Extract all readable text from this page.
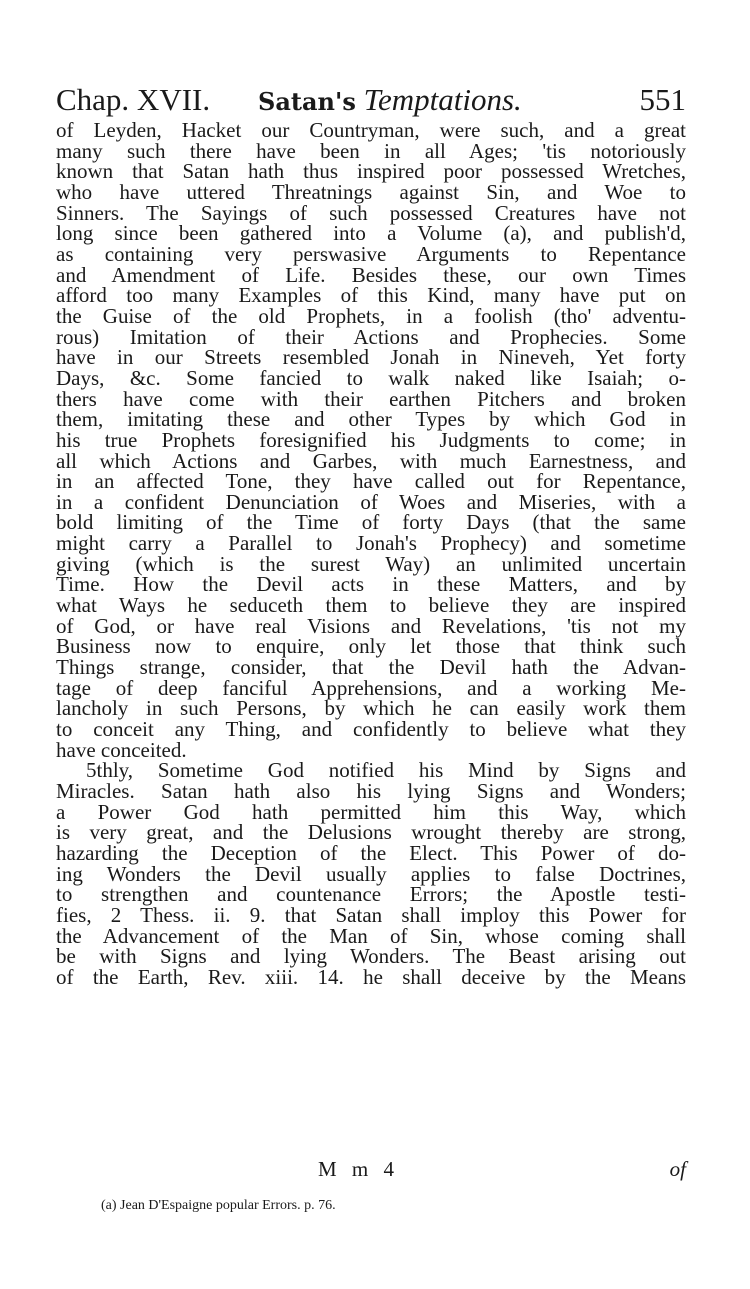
Chap. XVII. Satan's Temptations.	551
of Leyden, Hacket our Countryman, were such, and a great
many such there have been in all Ages; 'tis notoriously
known that Satan hath thus inspired poor possessed Wretches,
who have uttered Threatnings against Sin, and Woe to
Sinners. The Sayings of such possessed Creatures have not
long since been gathered into a Volume (a), and publish'd,
as containing very perswasive Arguments to Repentance
and Amendment of Life. Besides these, our own Times
afford too many Examples of this Kind, many have put on
the Guise of the old Prophets, in a foolish (tho' adventu-
rous) Imitation of their Actions and Prophecies. Some
have in our Streets resembled Jonah in Nineveh, Yet forty
Days, &c. Some fancied to walk naked like Isaiah; o-
thers have come with their earthen Pitchers and broken
them, imitating these and other Types by which God in
his true Prophets foresignified his Judgments to come; in
all which Actions and Garbes, with much Earnestness, and
in an affected Tone, they have called out for Repentance,
in a confident Denunciation of Woes and Miseries, with a
bold limiting of the Time of forty Days (that the same
might carry a Parallel to Jonah's Prophecy) and sometime
giving (which is the surest Way) an unlimited uncertain
Time. How the Devil acts in these Matters, and by
what Ways he seduceth them to believe they are inspired
of God, or have real Visions and Revelations, 'tis not my
Business now to enquire, only let those that think such
Things strange, consider, that the Devil hath the Advan-
tage of deep fanciful Apprehensions, and a working Me-
lancholy in such Persons, by which he can easily work them
to conceit any Thing, and confidently to believe what they
have conceited.
5thly, Sometime God notified his Mind by Signs and
Miracles. Satan hath also his lying Signs and Wonders;
a Power God hath permitted him this Way, which
is very great, and the Delusions wrought thereby are strong,
hazarding the Deception of the Elect. This Power of do-
ing Wonders the Devil usually applies to false Doctrines,
to strengthen and countenance Errors; the Apostle testi-
fies, 2 Thess. ii. 9. that Satan shall imploy this Power for
the Advancement of the Man of Sin, whose coming shall
be with Signs and lying Wonders. The Beast arising out
of the Earth, Rev. xiii. 14. he shall deceive by the Means
M m 4	of
(a) Jean D'Espaigne popular Errors. p. 76.
